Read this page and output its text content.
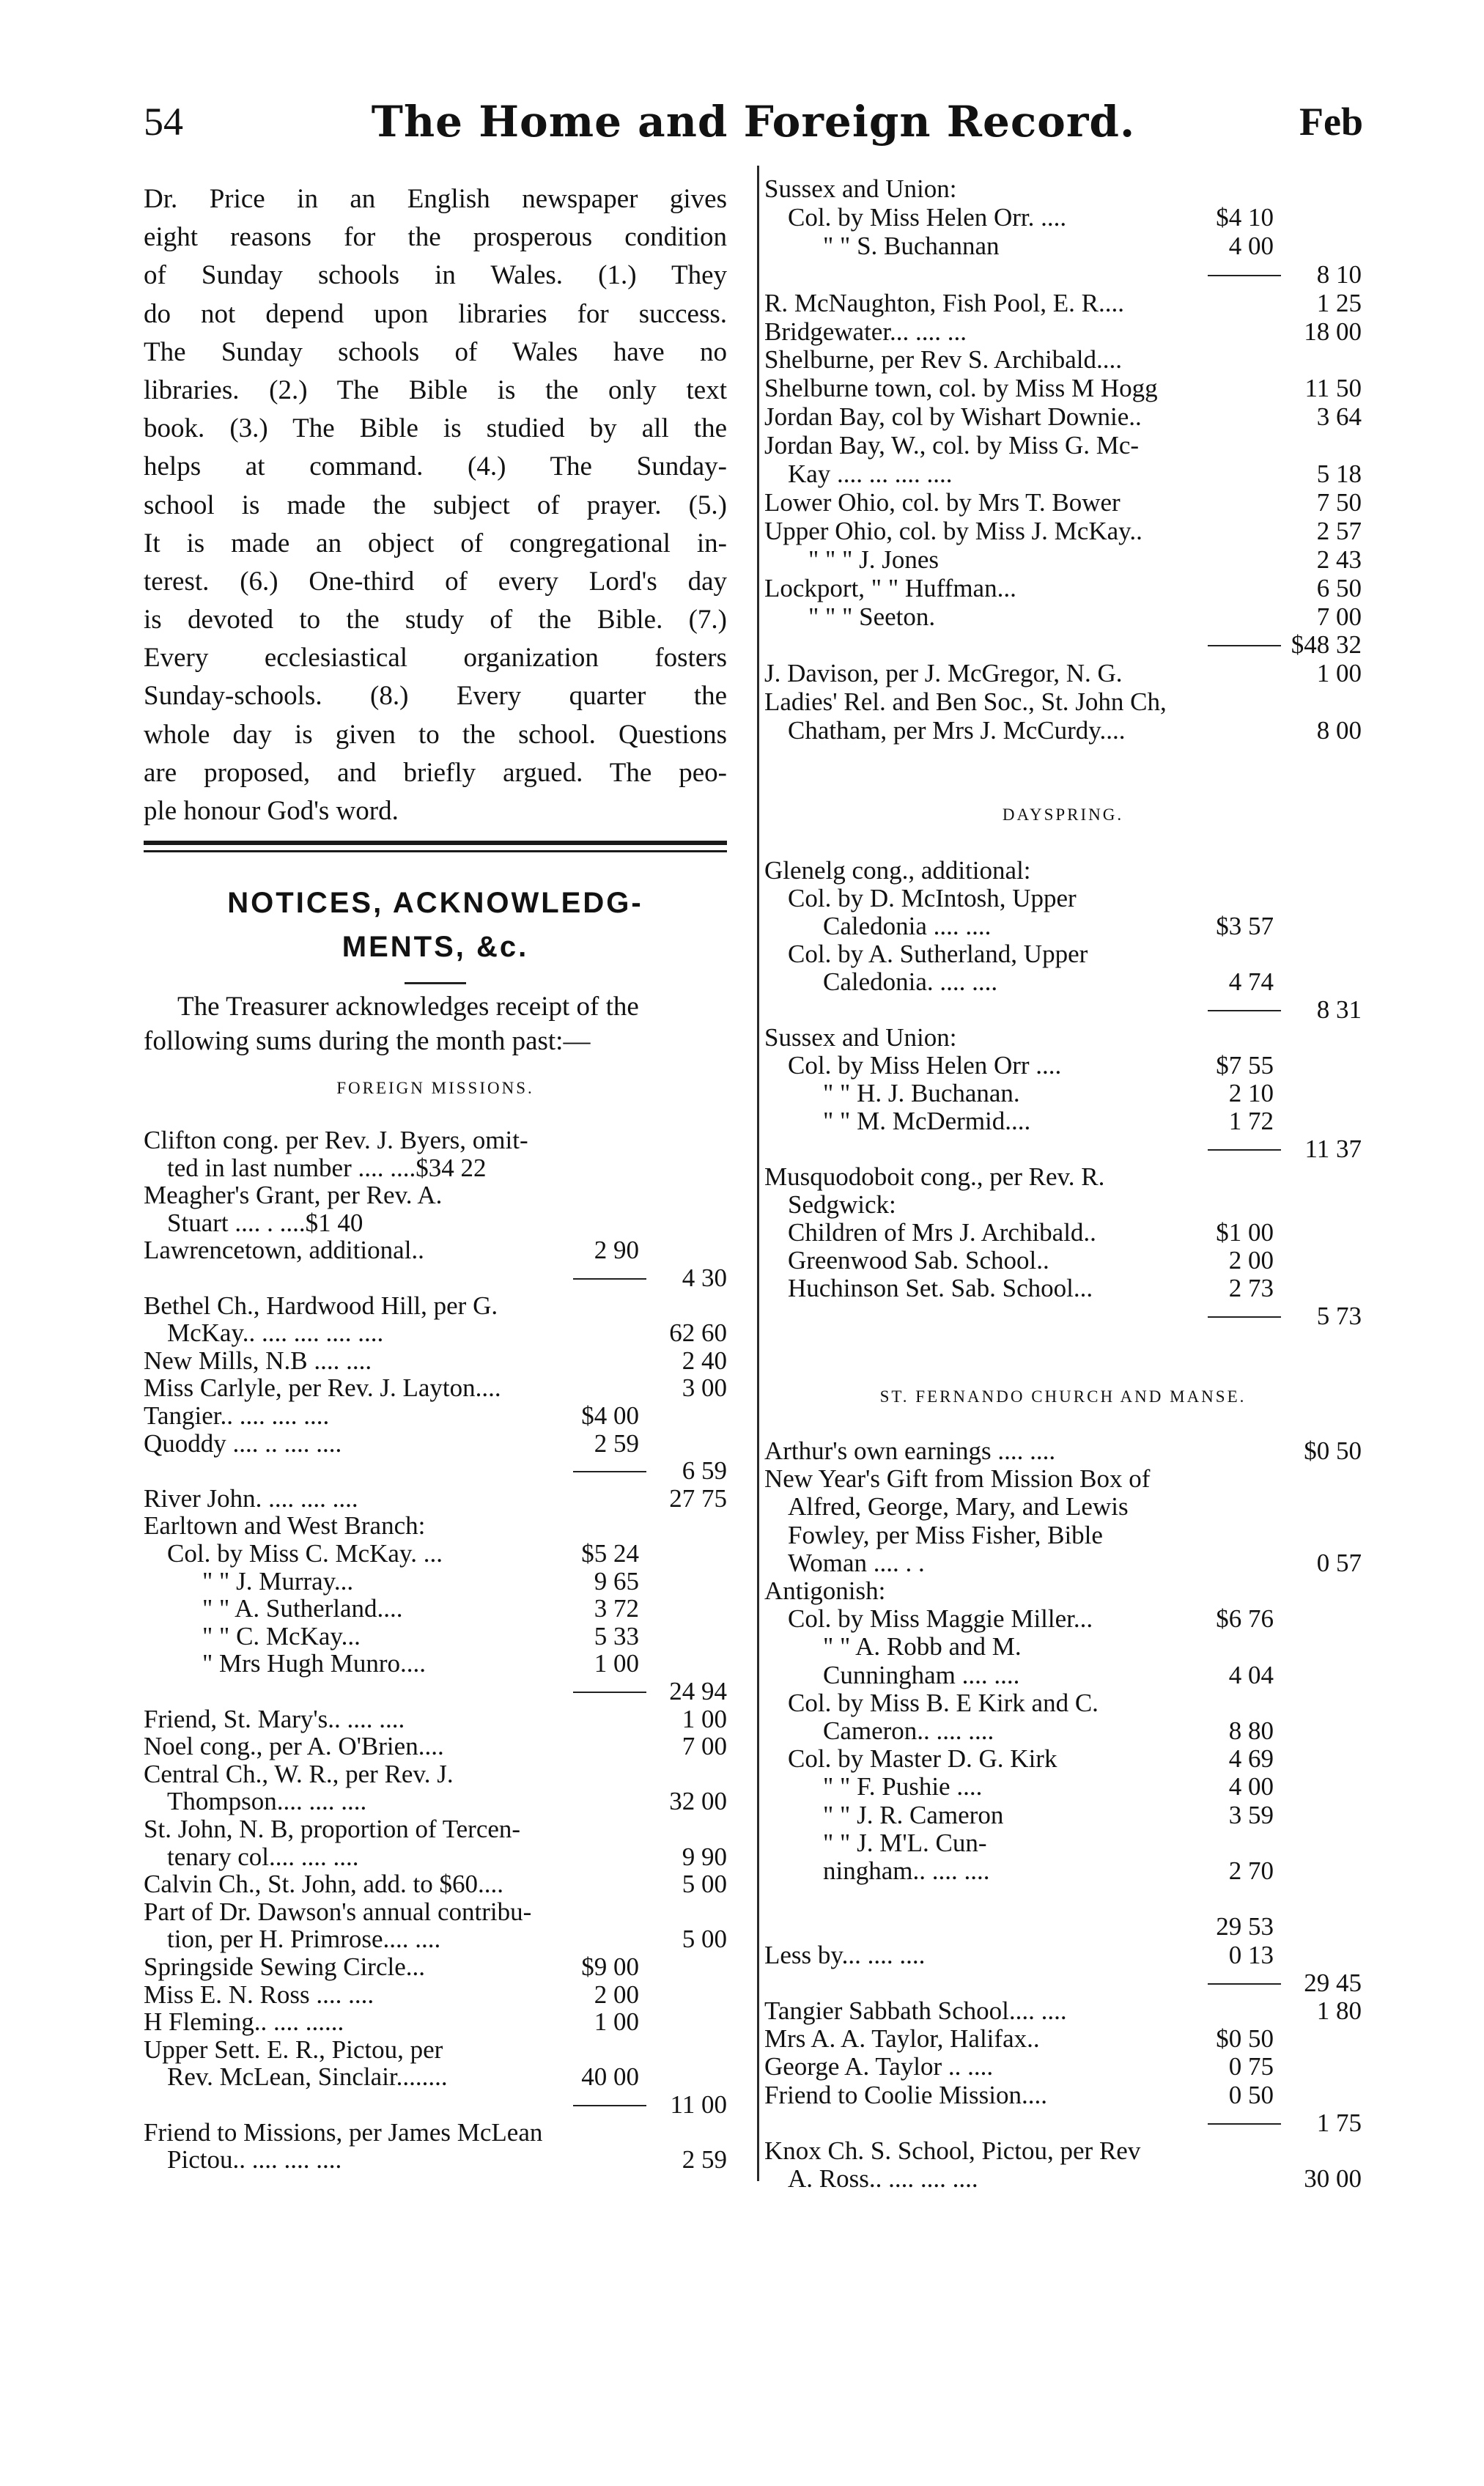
54	The Home and Foreign Record.	Feb
Dr. Price in an English newspaper gives
eight reasons for the prosperous condition
of Sunday schools in Wales. (1.) They
do not depend upon libraries for success.
The Sunday schools of Wales have no
libraries. (2.) The Bible is the only text
book. (3.) The Bible is studied by all the
helps at command. (4.) The Sunday-
school is made the subject of prayer. (5.)
It is made an object of congregational in-
terest. (6.) One-third of every Lord's day
is devoted to the study of the Bible. (7.)
Every ecclesiastical organization fosters
Sunday-schools. (8.) Every quarter the
whole day is given to the school. Questions
are proposed, and briefly argued. The peo-
ple honour God's word.
NOTICES, ACKNOWLEDG-
MENTS, &c.
The Treasurer acknowledges receipt of the
following sums during the month past:—
FOREIGN MISSIONS.
Clifton cong. per Rev. J. Byers, omit-
ted in last number .... ....$34 22
Meagher's Grant, per Rev. A.
Stuart .... . ....$1 40
Lawrencetown, additional..	2 90
4 30
Bethel Ch., Hardwood Hill, per G.
McKay.. .... .... .... ....	62 60
New Mills, N.B .... ....	2 40
Miss Carlyle, per Rev. J. Layton....	3 00
Tangier.. .... .... ....	$4 00
Quoddy .... .. .... ....	2 59
6 59
River John. .... .... ....	27 75
Earltown and West Branch:
Col. by Miss C. McKay. ...	$5 24
" " J. Murray...	9 65
" " A. Sutherland....	3 72
" " C. McKay...	5 33
" Mrs Hugh Munro....	1 00
24 94
Friend, St. Mary's.. .... ....	1 00
Noel cong., per A. O'Brien....	7 00
Central Ch., W. R., per Rev. J.
Thompson.... .... ....	32 00
St. John, N. B, proportion of Tercen-
tenary col.... .... ....	9 90
Calvin Ch., St. John, add. to $60....	5 00
Part of Dr. Dawson's annual contribu-
tion, per H. Primrose.... ....	5 00
Springside Sewing Circle...	$9 00
Miss E. N. Ross .... ....	2 00
H Fleming.. .... ......	1 00
Upper Sett. E. R., Pictou, per
Rev. McLean, Sinclair........	40 00
11 00
Friend to Missions, per James McLean
Pictou.. .... .... ....	2 59
Sussex and Union:
Col. by Miss Helen Orr. ....	$4 10
" " S. Buchannan	4 00
8 10
R. McNaughton, Fish Pool, E. R....	1 25
Bridgewater... .... ...	18 00
Shelburne, per Rev S. Archibald....
Shelburne town, col. by Miss M Hogg	11 50
Jordan Bay, col by Wishart Downie..	3 64
Jordan Bay, W., col. by Miss G. Mc-
Kay .... ... .... ....	5 18
Lower Ohio, col. by Mrs T. Bower	7 50
Upper Ohio, col. by Miss J. McKay..	2 57
" " " J. Jones	2 43
Lockport, " " Huffman...	6 50
" " " Seeton.	7 00
$48 32
J. Davison, per J. McGregor, N. G.	1 00
Ladies' Rel. and Ben Soc., St. John Ch,
Chatham, per Mrs J. McCurdy....	8 00
DAYSPRING.
Glenelg cong., additional:
Col. by D. McIntosh, Upper
Caledonia .... ....	$3 57
Col. by A. Sutherland, Upper
Caledonia. .... ....	4 74
8 31
Sussex and Union:
Col. by Miss Helen Orr ....	$7 55
" " H. J. Buchanan.	2 10
" " M. McDermid....	1 72
11 37
Musquodoboit cong., per Rev. R.
Sedgwick:
Children of Mrs J. Archibald..	$1 00
Greenwood Sab. School..	2 00
Huchinson Set. Sab. School...	2 73
5 73
ST. FERNANDO CHURCH AND MANSE.
Arthur's own earnings .... ....	$0 50
New Year's Gift from Mission Box of
Alfred, George, Mary, and Lewis
Fowley, per Miss Fisher, Bible
Woman .... . .	0 57
Antigonish:
Col. by Miss Maggie Miller...	$6 76
" " A. Robb and M.
Cunningham .... ....	4 04
Col. by Miss B. E Kirk and C.
Cameron.. .... ....	8 80
Col. by Master D. G. Kirk	4 69
" " F. Pushie ....	4 00
" " J. R. Cameron	3 59
" " J. M'L. Cun-
ningham.. .... ....	2 70
29 53
Less by... .... ....	0 13
29 45
Tangier Sabbath School.... ....	1 80
Mrs A. A. Taylor, Halifax..	$0 50
George A. Taylor .. ....	0 75
Friend to Coolie Mission....	0 50
1 75
Knox Ch. S. School, Pictou, per Rev
A. Ross.. .... .... ....	30 00
